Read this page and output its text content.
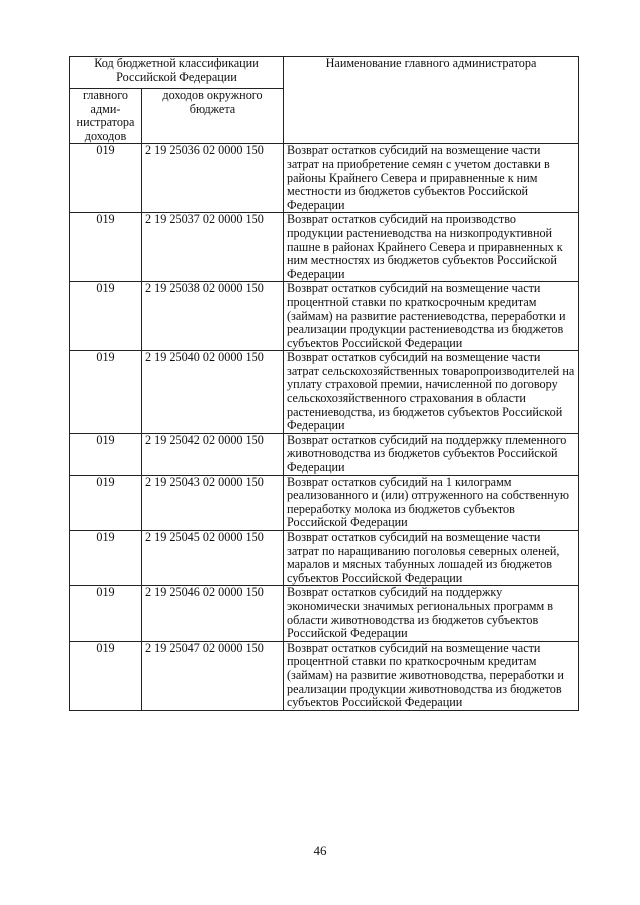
Код бюджетной классификации Российской Федерации		Наименование главного администратора
главного адми-нистратора доходов	доходов окружного бюджета	
019	2 19 25036 02 0000 150	Возврат остатков субсидий на возмещение части затрат на приобретение семян с учетом доставки в районы Крайнего Севера и приравненные к ним местности из бюджетов субъектов Российской Федерации
019	2 19 25037 02 0000 150	Возврат остатков субсидий на производство продукции растениеводства на низкопродуктивной пашне в районах Крайнего Севера и приравненных к ним местностях из бюджетов субъектов Российской Федерации
019	2 19 25038 02 0000 150	Возврат остатков субсидий на возмещение части процентной ставки по краткосрочным кредитам (займам) на развитие растениеводства, переработки и реализации продукции растениеводства из бюджетов субъектов Российской Федерации
019	2 19 25040 02 0000 150	Возврат остатков субсидий на возмещение части затрат сельскохозяйственных товаропроизводителей на уплату страховой премии, начисленной по договору сельскохозяйственного страхования в области растениеводства, из бюджетов субъектов Российской Федерации
019	2 19 25042 02 0000 150	Возврат остатков субсидий на поддержку племенного животноводства из бюджетов субъектов Российской Федерации
019	2 19 25043 02 0000 150	Возврат остатков субсидий на 1 килограмм реализованного и (или) отгруженного на собственную переработку молока из бюджетов субъектов Российской Федерации
019	2 19 25045 02 0000 150	Возврат остатков субсидий на возмещение части затрат по наращиванию поголовья северных оленей, маралов и мясных табунных лошадей из бюджетов субъектов Российской Федерации
019	2 19 25046 02 0000 150	Возврат остатков субсидий на поддержку экономически значимых региональных программ в области животноводства из бюджетов субъектов Российской Федерации
019	2 19 25047 02 0000 150	Возврат остатков субсидий на возмещение части процентной ставки по краткосрочным кредитам (займам) на развитие животноводства, переработки и реализации продукции животноводства из бюджетов субъектов Российской Федерации
46
